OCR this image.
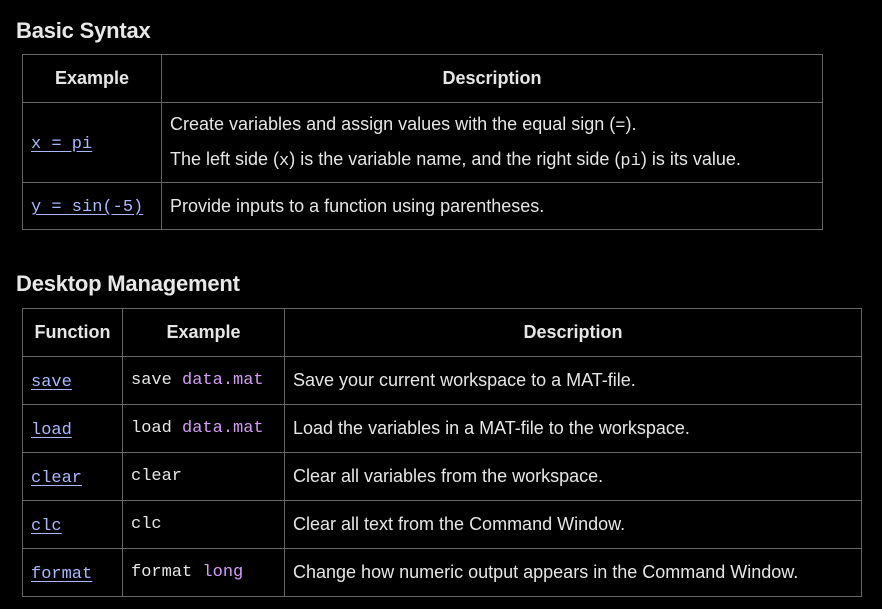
Basic Syntax
Example	Description
x = pi	Create variables and assign values with the equal sign (=).
The left side (x) is the variable name, and the right side (pi) is its value.

y = sin(-5)	Provide inputs to a function using parentheses.
Desktop Management
Function	Example	Description
save	save data.mat	Save your current workspace to a MAT-file.
load	load data.mat	Load the variables in a MAT-file to the workspace.
clear	clear	Clear all variables from the workspace.
clc	clc	Clear all text from the Command Window.
format	format long	Change how numeric output appears in the Command Window.
